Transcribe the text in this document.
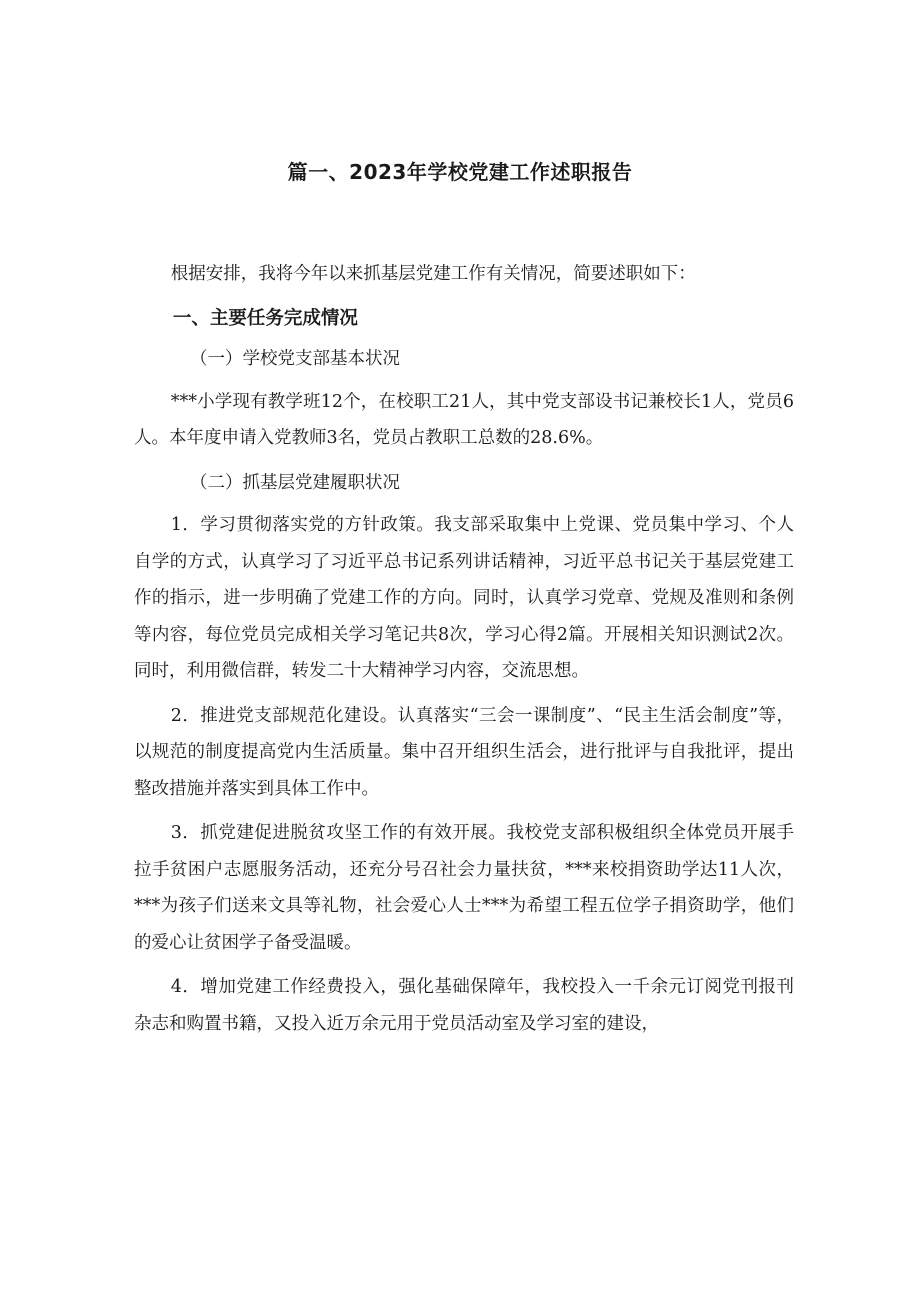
篇一、2023年学校党建工作述职报告

根据安排，我将今年以来抓基层党建工作有关情况，简要述职如下：

一、主要任务完成情况

（一）学校党支部基本状况

***小学现有教学班12个，在校职工21人，其中党支部设书记兼校长1人，党员6人。本年度申请入党教师3名，党员占教职工总数的28.6%。

（二）抓基层党建履职状况

1．学习贯彻落实党的方针政策。我支部采取集中上党课、党员集中学习、个人自学的方式，认真学习了习近平总书记系列讲话精神，习近平总书记关于基层党建工作的指示，进一步明确了党建工作的方向。同时，认真学习党章、党规及准则和条例等内容，每位党员完成相关学习笔记共8次，学习心得2篇。开展相关知识测试2次。同时，利用微信群，转发二十大精神学习内容，交流思想。

2．推进党支部规范化建设。认真落实“三会一课制度”、“民主生活会制度”等，以规范的制度提高党内生活质量。集中召开组织生活会，进行批评与自我批评，提出整改措施并落实到具体工作中。

3．抓党建促进脱贫攻坚工作的有效开展。我校党支部积极组织全体党员开展手拉手贫困户志愿服务活动，还充分号召社会力量扶贫，***来校捐资助学达11人次，***为孩子们送来文具等礼物，社会爱心人士***为希望工程五位学子捐资助学，他们的爱心让贫困学子备受温暖。

4．增加党建工作经费投入，强化基础保障年，我校投入一千余元订阅党刊报刊杂志和购置书籍，又投入近万余元用于党员活动室及学习室的建设，
